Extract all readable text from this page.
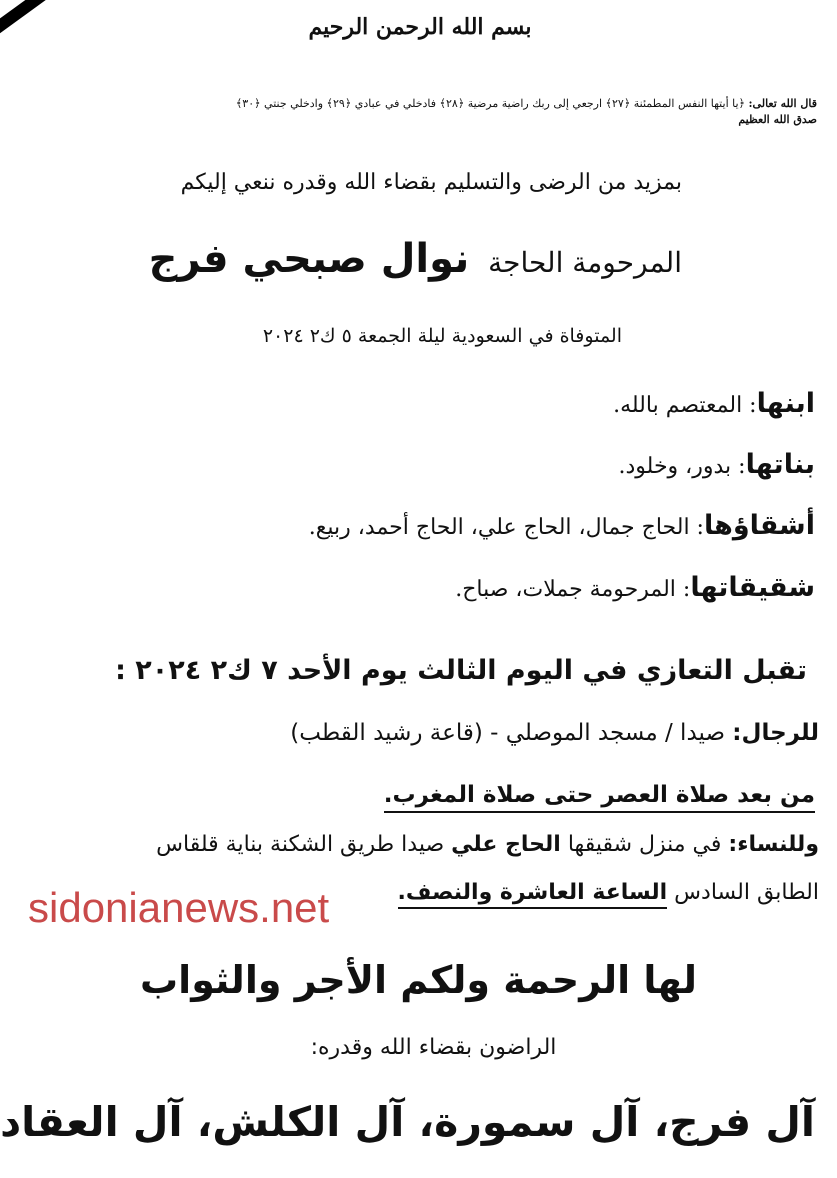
بسم الله الرحمن الرحيم
قال الله تعالى: ﴿يا أيتها النفس المطمئنة ﴿٢٧﴾ ارجعي إلى ربك راضية مرضية ﴿٢٨﴾ فادخلي في عبادي ﴿٢٩﴾ وادخلي جنتي ﴿٣٠﴾
صدق الله العظيم
بمزيد من الرضى والتسليم بقضاء الله وقدره ننعي إليكم
المرحومة الحاجة نوال صبحي فرج
المتوفاة في السعودية ليلة الجمعة ٥ ك٢ ٢٠٢٤
ابنها: المعتصم بالله.
بناتها: بدور، وخلود.
أشقاؤها: الحاج جمال، الحاج علي، الحاج أحمد، ربيع.
شقيقاتها: المرحومة جملات، صباح.
تقبل التعازي في اليوم الثالث يوم الأحد ٧ ك٢ ٢٠٢٤ :
للرجال: صيدا / مسجد الموصلي - (قاعة رشيد القطب)
من بعد صلاة العصر حتى صلاة المغرب.
وللنساء: في منزل شقيقها الحاج علي صيدا طريق الشكنة بناية قلقاس
الطابق السادس الساعة العاشرة والنصف.
sidonianews.net
لها الرحمة ولكم الأجر والثواب
الراضون بقضاء الله وقدره:
آل فرج، آل سمورة، آل الكلش، آل العقاد
